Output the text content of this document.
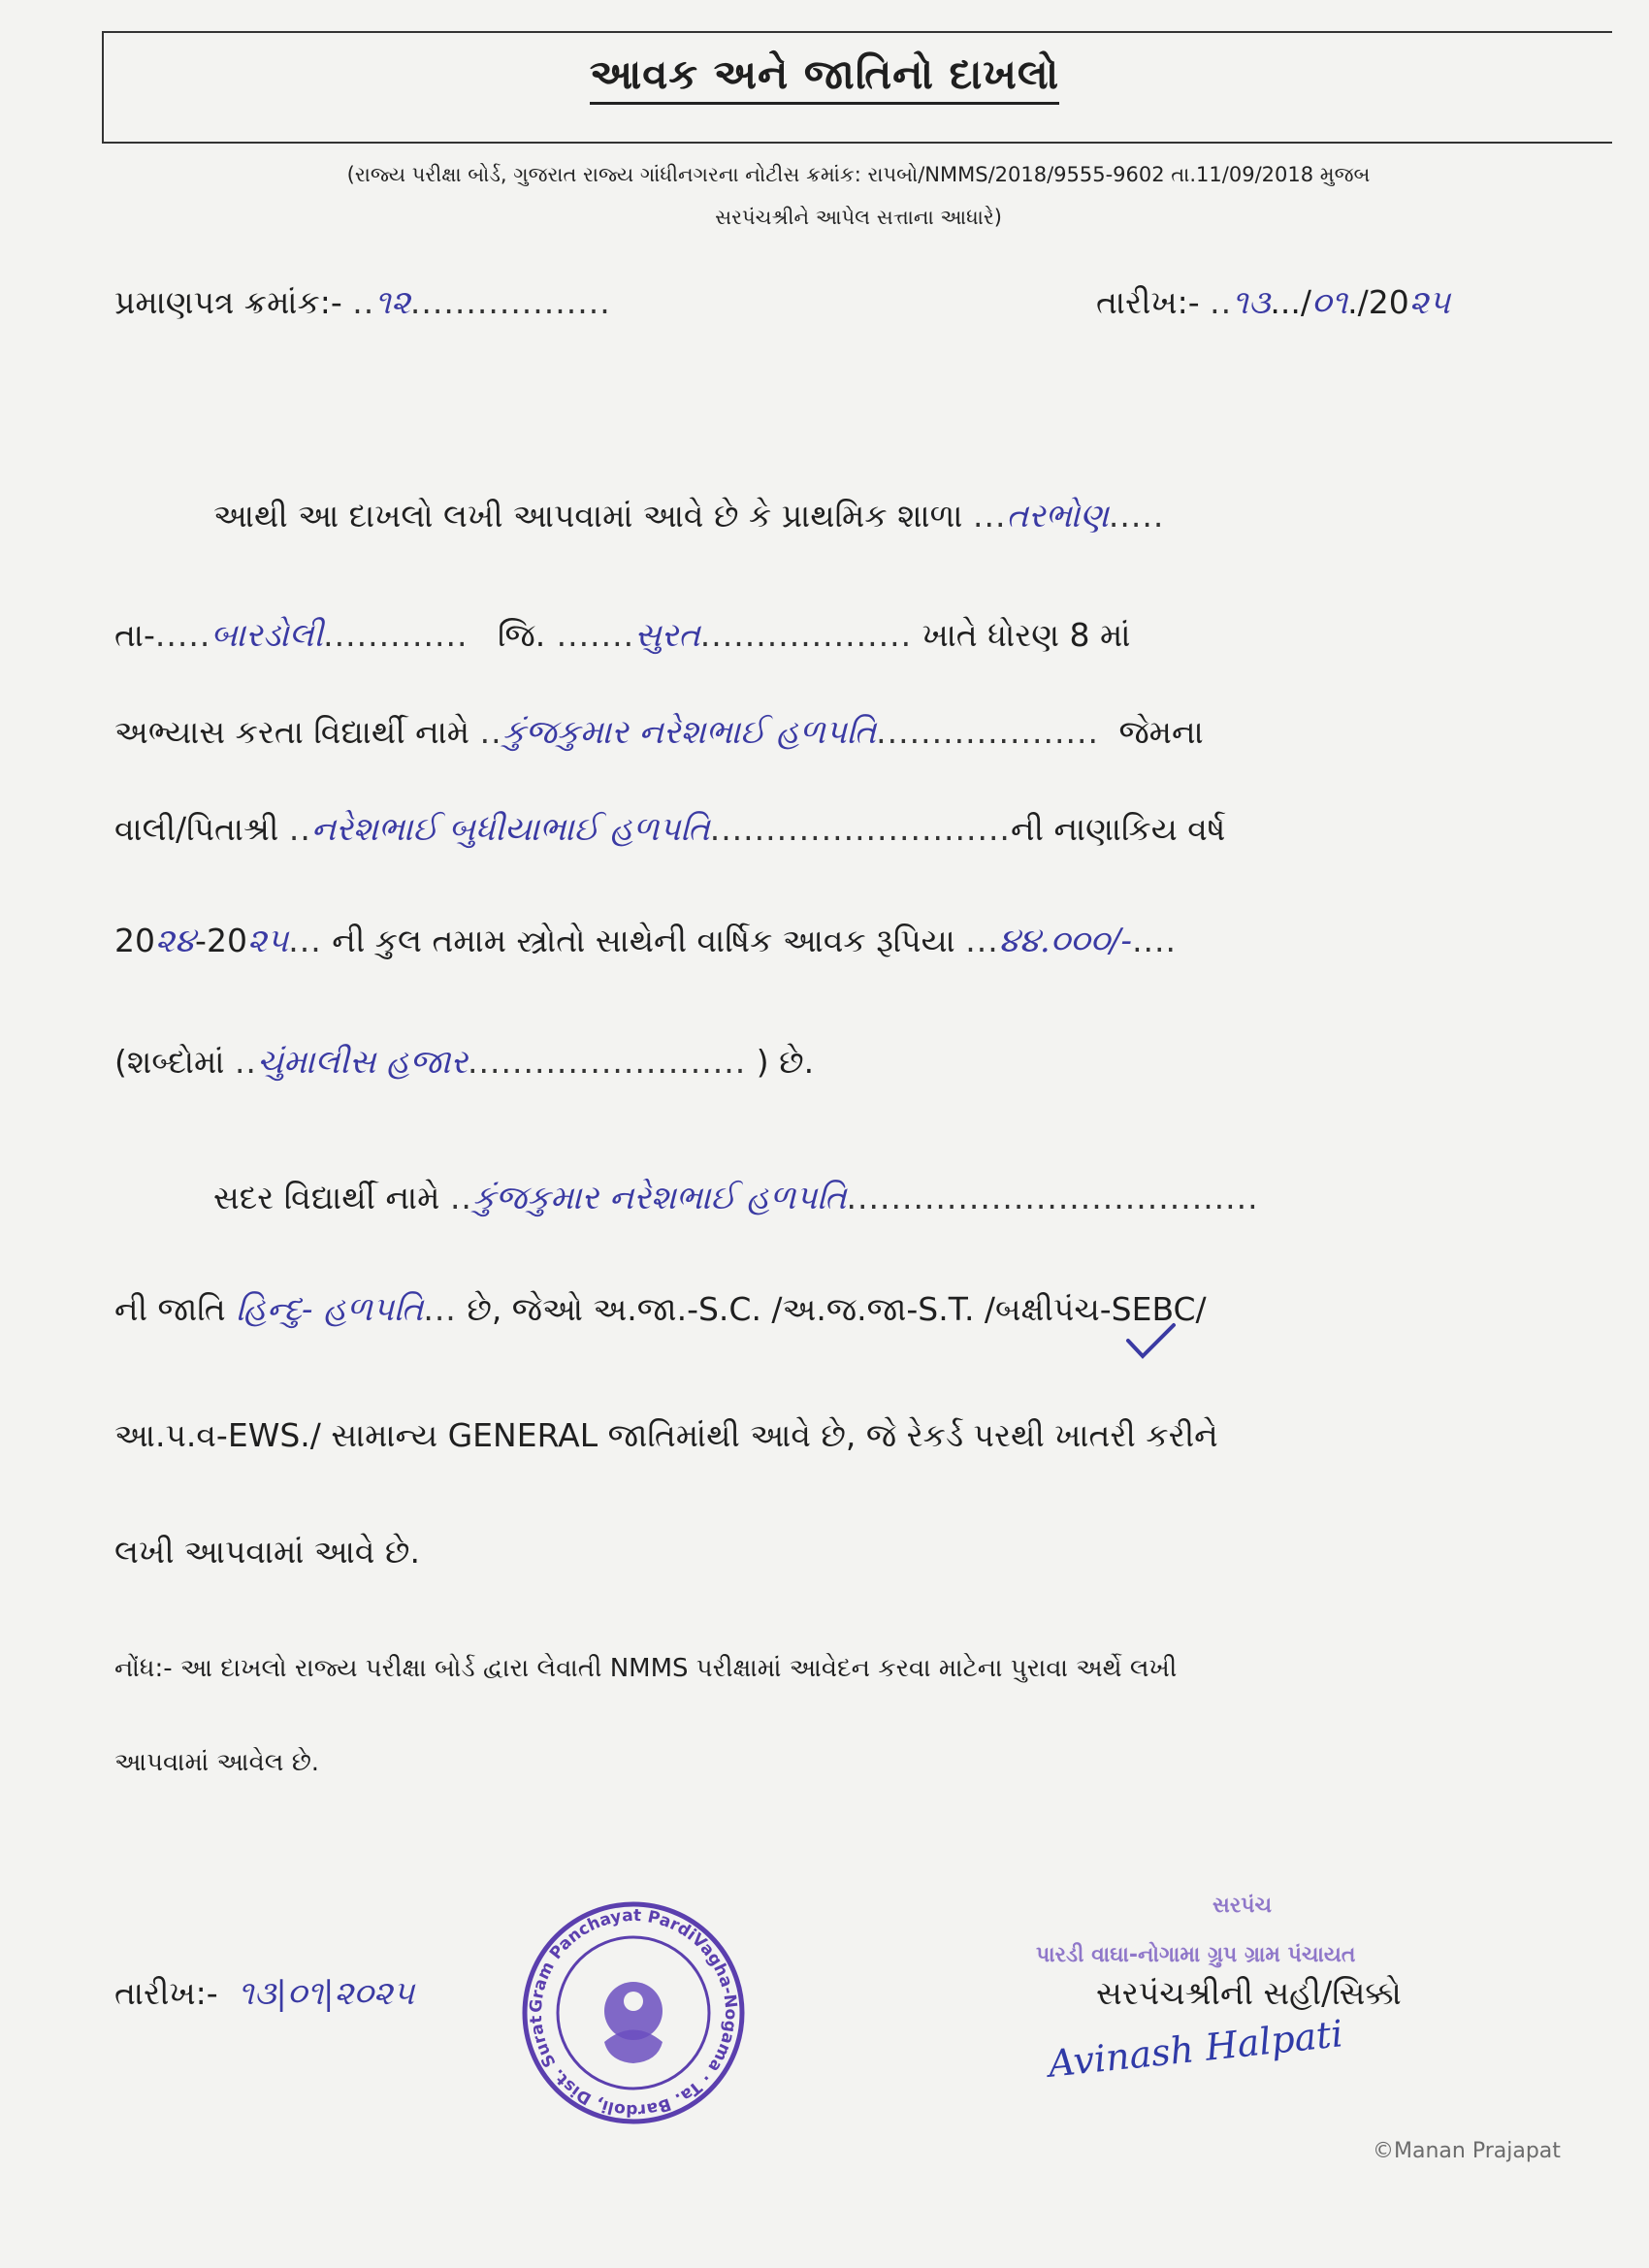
આવક અને જાતિનો દાખલો
(રાજ્ય પરીક્ષા બોર્ડ, ગુજરાત રાજ્ય ગાંધીનગરના નોટીસ ક્રમાંક: રાપબો/NMMS/2018/9555-9602 તા.11/09/2018 મુજબ
સરપંચશ્રીને આપેલ સત્તાના આધારે)
પ્રમાણપત્ર ક્રમાંક:- ..૧૨..................	તારીખ:- ..૧૩.../૦૧./20૨૫
આથી આ દાખલો લખી આપવામાં આવે છે કે પ્રાથમિક શાળા ...તરભોણ.....
તા-.....બારડોલી............. જિ. .......સુરત................... ખાતે ધોરણ 8 માં
અભ્યાસ કરતા વિદ્યાર્થી નામે ..કુંજકુમાર નરેશભાઈ હળપતિ.................... જેમના
વાલી/પિતાશ્રી ..નરેશભાઈ બુધીયાભાઈ હળપતિ...........................ની નાણાકિય વર્ષ
20૨૪-20૨૫... ની કુલ તમામ સ્ત્રોતો સાથેની વાર્ષિક આવક રૂપિયા ...૪૪.૦૦૦/-....
(શબ્દોમાં ..ચુંમાલીસ હજાર......................... ) છે.
સદર વિદ્યાર્થી નામે ..કુંજકુમાર નરેશભાઈ હળપતિ.....................................
ની જાતિ હિન્દુ- હળપતિ... છે, જેઓ અ.જા.-S.C. /અ.જ.જા-S.T. /બક્ષીપંચ-SEBC/
આ.પ.વ-EWS./ સામાન્ય GENERAL જાતિમાંથી આવે છે, જે રેકર્ડ પરથી ખાતરી કરીને
લખી આપવામાં આવે છે.
નોંધ:- આ દાખલો રાજ્ય પરીક્ષા બોર્ડ દ્વારા લેવાતી NMMS પરીક્ષામાં આવેદન કરવા માટેના પુરાવા અર્થે લખી
આપવામાં આવેલ છે.
Avinash Halpati
સરપંચ
પારડી વાઘા-નોગામા ગ્રુપ ગ્રામ પંચાયત
સરપંચશ્રીની સહી/સિક્કો
તારીખ:- ૧૩|૦૧|૨૦૨૫	Gram Panchayat PardiVagha-Nogama · Ta. Bardoli, Dist. Surat
©Manan Prajapat
